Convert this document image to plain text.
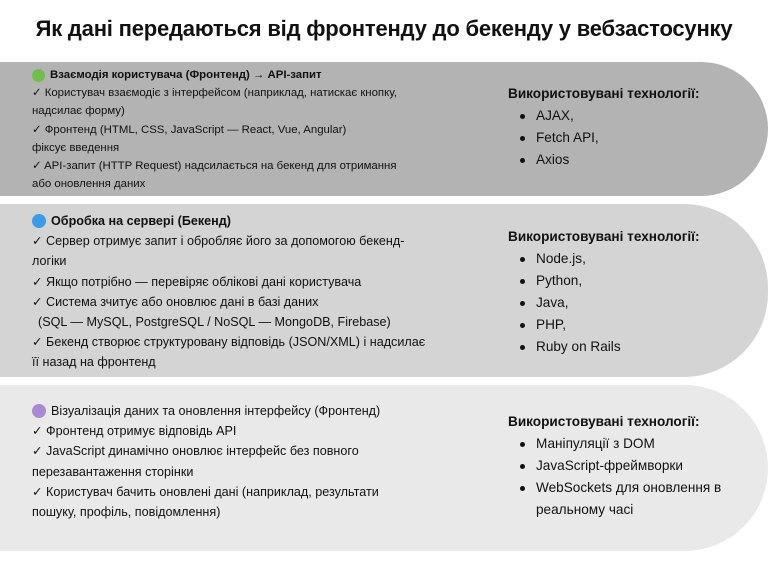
Як дані передаються від фронтенду до бекенду у вебзастосунку
Взаємодія користувача (Фронтенд) → API-запит
✓ Користувач взаємодіє з інтерфейсом (наприклад, натискає кнопку,
надсилає форму)
✓ Фронтенд (HTML, CSS, JavaScript — React, Vue, Angular)
фіксує введення
✓ API-запит (HTTP Request) надсилається на бекенд для отримання
або оновлення даних
Використовувані технології:
AJAX,
Fetch API,
Axios
Обробка на сервері (Бекенд)
✓ Сервер отримує запит і обробляє його за допомогою бекенд-
логіки
✓ Якщо потрібно — перевіряє облікові дані користувача
✓ Система зчитує або оновлює дані в базі даних
(SQL — MySQL, PostgreSQL / NoSQL — MongoDB, Firebase)
✓ Бекенд створює структуровану відповідь (JSON/XML) і надсилає
її назад на фронтенд
Використовувані технології:
Node.js,
Python,
Java,
PHP,
Ruby on Rails
Візуалізація даних та оновлення інтерфейсу (Фронтенд)
✓ Фронтенд отримує відповідь API
✓ JavaScript динамічно оновлює інтерфейс без повного
перезавантаження сторінки
✓ Користувач бачить оновлені дані (наприклад, результати
пошуку, профіль, повідомлення)
Використовувані технології:
Маніпуляції з DOM
JavaScript-фреймворки
WebSockets для оновлення в
реальному часі
